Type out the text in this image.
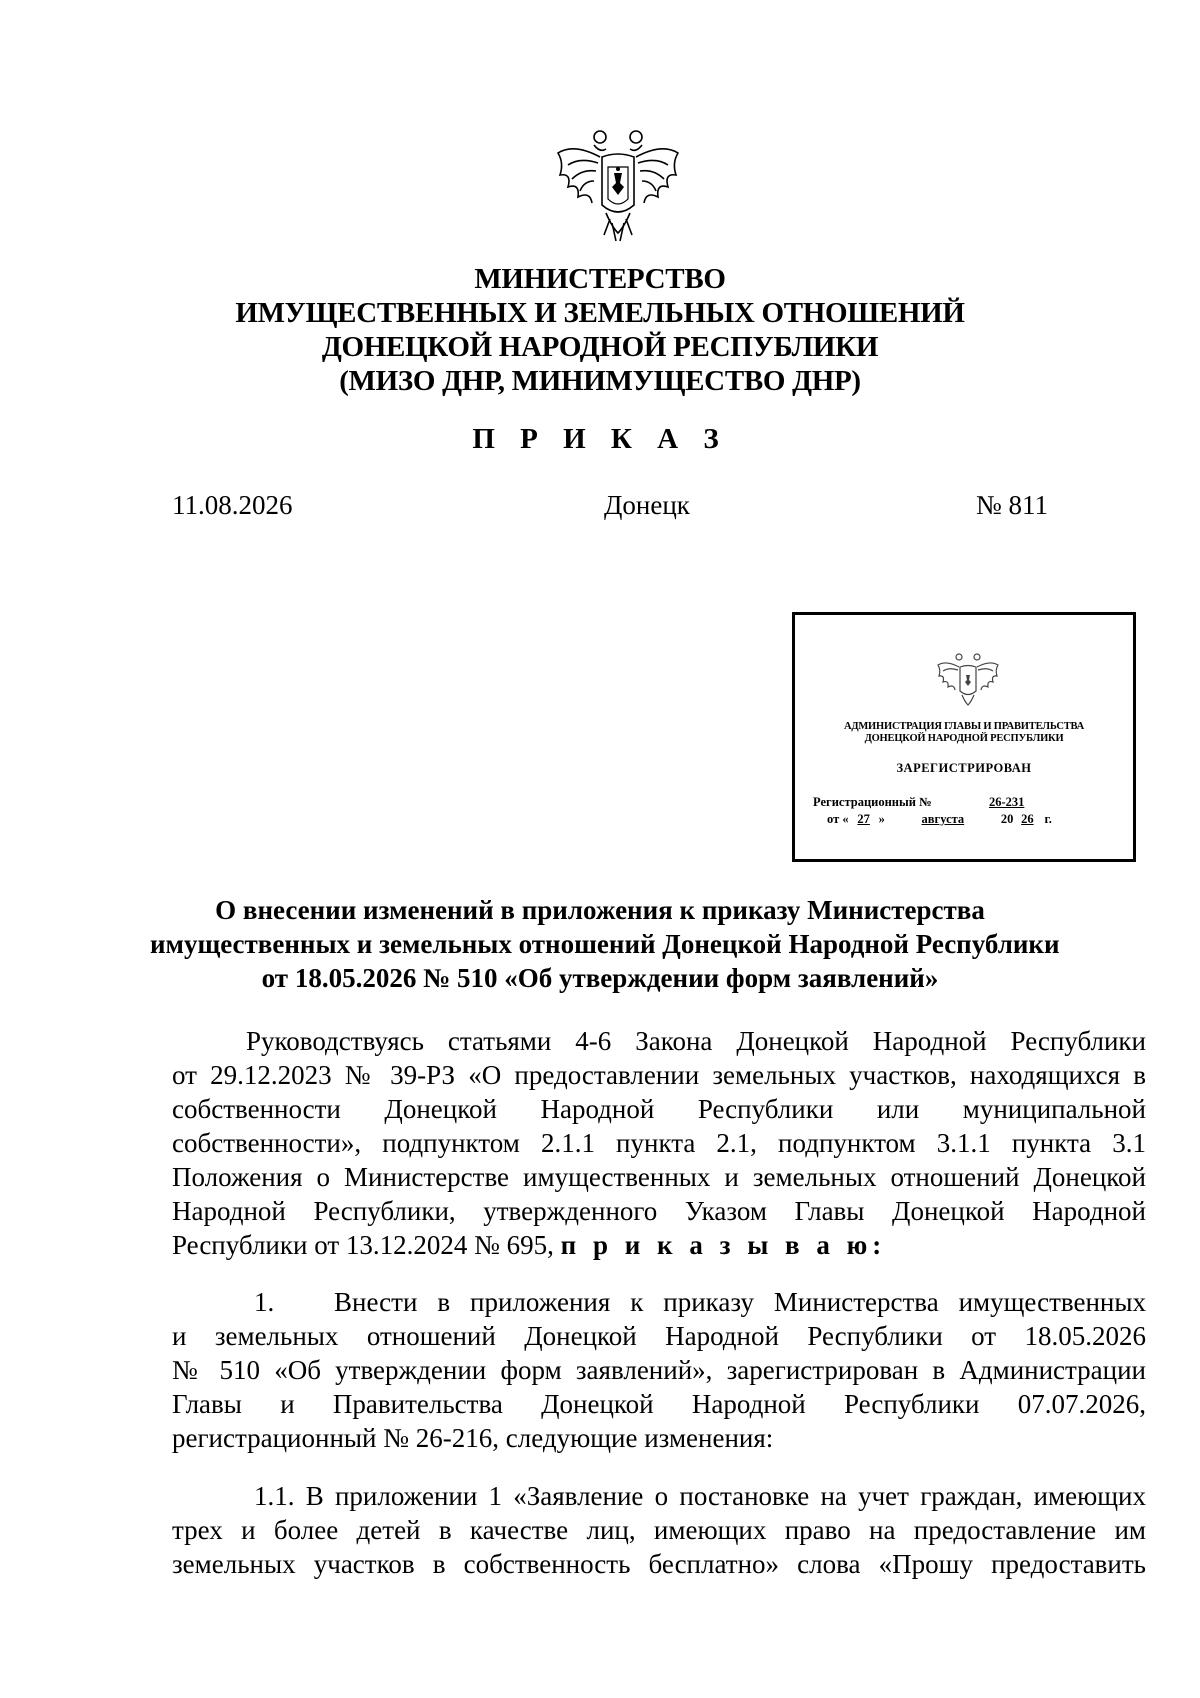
МИНИСТЕРСТВО
ИМУЩЕСТВЕННЫХ И ЗЕМЕЛЬНЫХ ОТНОШЕНИЙ
ДОНЕЦКОЙ НАРОДНОЙ РЕСПУБЛИКИ
(МИЗО ДНР, МИНИМУЩЕСТВО ДНР)
П Р И К А З
11.08.2026	Донецк	№ 811
АДМИНИСТРАЦИЯ ГЛАВЫ И ПРАВИТЕЛЬСТВА
ДОНЕЦКОЙ НАРОДНОЙ РЕСПУБЛИКИ
ЗАРЕГИСТРИРОВАН
Регистрационный №	26-231
от « 27 »	августа	20 26 г.
О внесении изменений в приложения к приказу Министерства
имущественных и земельных отношений Донецкой Народной Республики
от 18.05.2026 № 510 «Об утверждении форм заявлений»
Руководствуясь статьями 4-6 Закона Донецкой Народной Республики
от 29.12.2023 № 39-РЗ «О предоставлении земельных участков, находящихся в
собственности Донецкой Народной Республики или муниципальной
собственности», подпунктом 2.1.1 пункта 2.1, подпунктом 3.1.1 пункта 3.1
Положения о Министерстве имущественных и земельных отношений Донецкой
Народной Республики, утвержденного Указом Главы Донецкой Народной
Республики от 13.12.2024 № 695, п р и к а з ы в а ю:
1.   Внести в приложения к приказу Министерства имущественных
и земельных отношений Донецкой Народной Республики от 18.05.2026
№ 510 «Об утверждении форм заявлений», зарегистрирован в Администрации
Главы и Правительства Донецкой Народной Республики 07.07.2026,
регистрационный № 26-216, следующие изменения:
1.1. В приложении 1 «Заявление о постановке на учет граждан, имеющих
трех и более детей в качестве лиц, имеющих право на предоставление им
земельных участков в собственность бесплатно» слова «Прошу предоставить
